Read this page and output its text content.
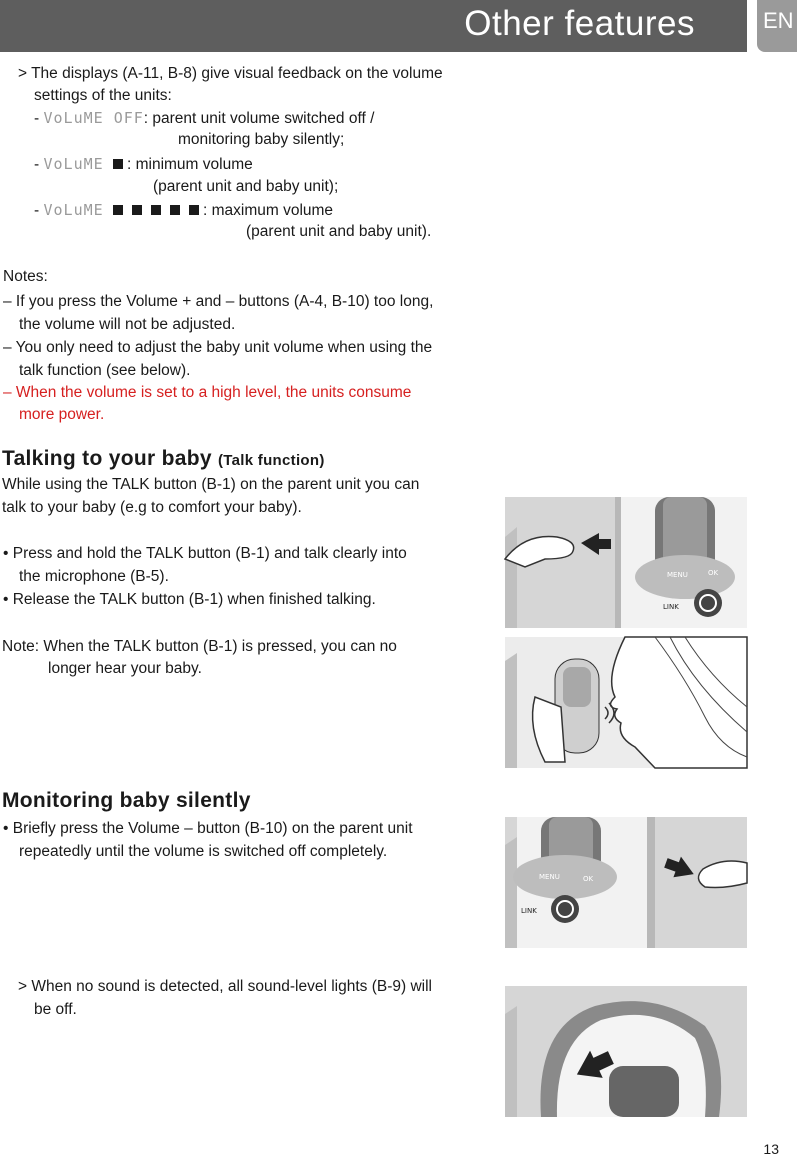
Other features	EN
> The displays (A-11, B-8) give visual feedback on the volume
settings of the units:
- VoLuME OFF: parent unit volume switched off /
monitoring baby silently;
- VoLuME : minimum volume
(parent unit and baby unit);
- VoLuME	: maximum volume
(parent unit and baby unit).
Notes:
– If you press the Volume + and – buttons (A-4, B-10) too long,
the volume will not be adjusted.
– You only need to adjust the baby unit volume when using the
talk function (see below).
– When the volume is set to a high level, the units consume
more power.
Talking to your baby (Talk function)
While using the TALK button (B-1) on the parent unit you can
talk to your baby (e.g to comfort your baby).
• Press and hold the TALK button (B-1) and talk clearly into
the microphone (B-5).
• Release the TALK button (B-1) when finished talking.
Note: When the TALK button (B-1) is pressed, you can no
longer hear your baby.
Monitoring baby silently
• Briefly press the Volume – button (B-10) on the parent unit
repeatedly until the volume is switched off completely.
> When no sound is detected, all sound-level lights (B-9) will
be off.
MENU	OK
LINK
MENU	OK
LINK
13
